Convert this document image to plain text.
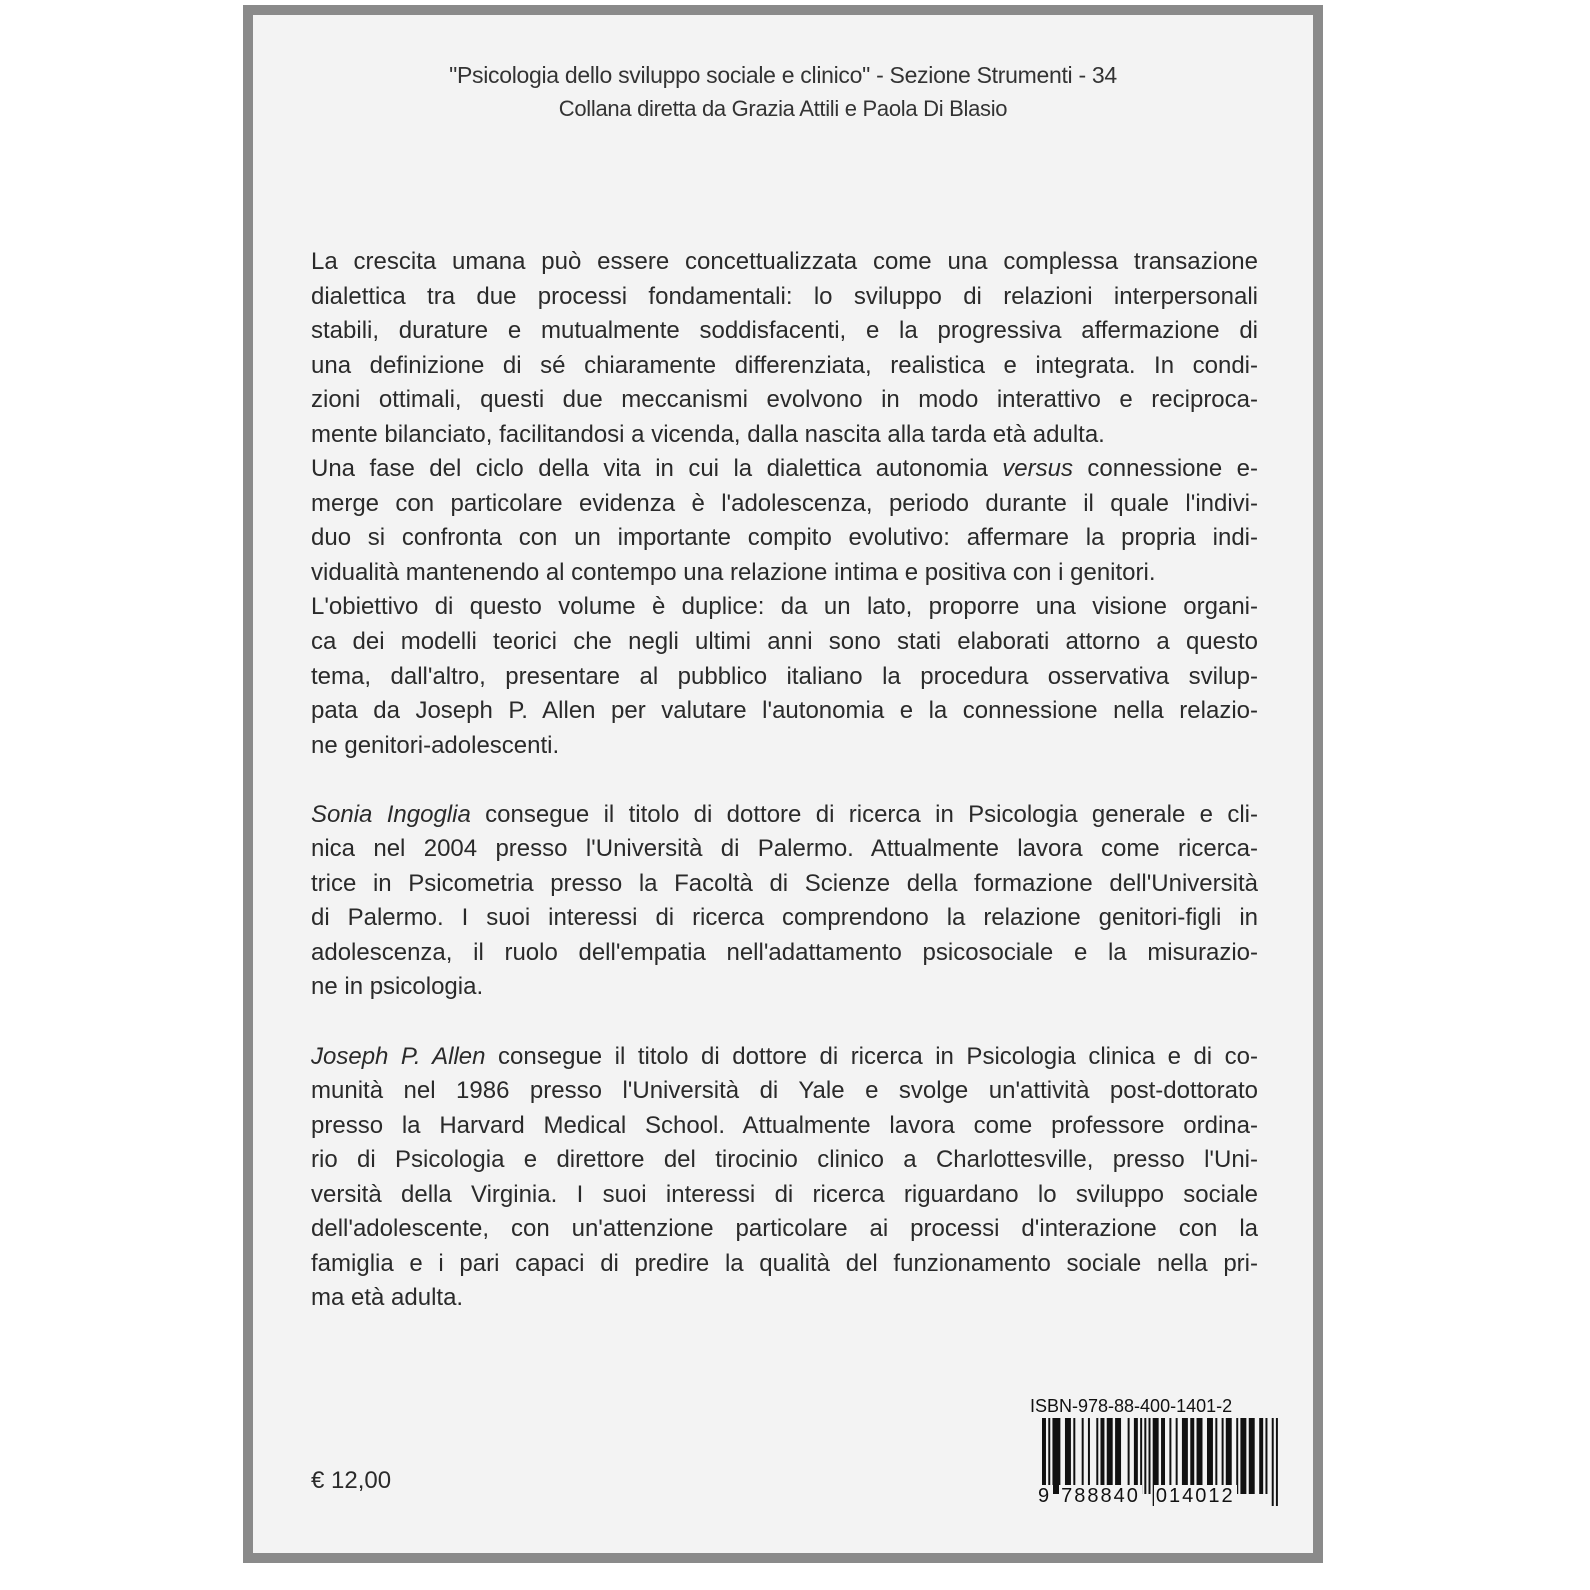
"Psicologia dello sviluppo sociale e clinico" - Sezione Strumenti - 34
Collana diretta da Grazia Attili e Paola Di Blasio
La crescita umana può essere concettualizzata come una complessa transazione
dialettica tra due processi fondamentali: lo sviluppo di relazioni interpersonali
stabili, durature e mutualmente soddisfacenti, e la progressiva affermazione di
una definizione di sé chiaramente differenziata, realistica e integrata. In condi-
zioni ottimali, questi due meccanismi evolvono in modo interattivo e reciproca-
mente bilanciato, facilitandosi a vicenda, dalla nascita alla tarda età adulta.
Una fase del ciclo della vita in cui la dialettica autonomia versus connessione e-
merge con particolare evidenza è l'adolescenza, periodo durante il quale l'indivi-
duo si confronta con un importante compito evolutivo: affermare la propria indi-
vidualità mantenendo al contempo una relazione intima e positiva con i genitori.
L'obiettivo di questo volume è duplice: da un lato, proporre una visione organi-
ca dei modelli teorici che negli ultimi anni sono stati elaborati attorno a questo
tema, dall'altro, presentare al pubblico italiano la procedura osservativa svilup-
pata da Joseph P. Allen per valutare l'autonomia e la connessione nella relazio-
ne genitori-adolescenti.
Sonia Ingoglia consegue il titolo di dottore di ricerca in Psicologia generale e cli-
nica nel 2004 presso l'Università di Palermo. Attualmente lavora come ricerca-
trice in Psicometria presso la Facoltà di Scienze della formazione dell'Università
di Palermo. I suoi interessi di ricerca comprendono la relazione genitori-figli in
adolescenza, il ruolo dell'empatia nell'adattamento psicosociale e la misurazio-
ne in psicologia.
Joseph P. Allen consegue il titolo di dottore di ricerca in Psicologia clinica e di co-
munità nel 1986 presso l'Università di Yale e svolge un'attività post-dottorato
presso la Harvard Medical School. Attualmente lavora come professore ordina-
rio di Psicologia e direttore del tirocinio clinico a Charlottesville, presso l'Uni-
versità della Virginia. I suoi interessi di ricerca riguardano lo sviluppo sociale
dell'adolescente, con un'attenzione particolare ai processi d'interazione con la
famiglia e i pari capaci di predire la qualità del funzionamento sociale nella pri-
ma età adulta.
€ 12,00
ISBN-978-88-400-1401-2
9 788840 014012
